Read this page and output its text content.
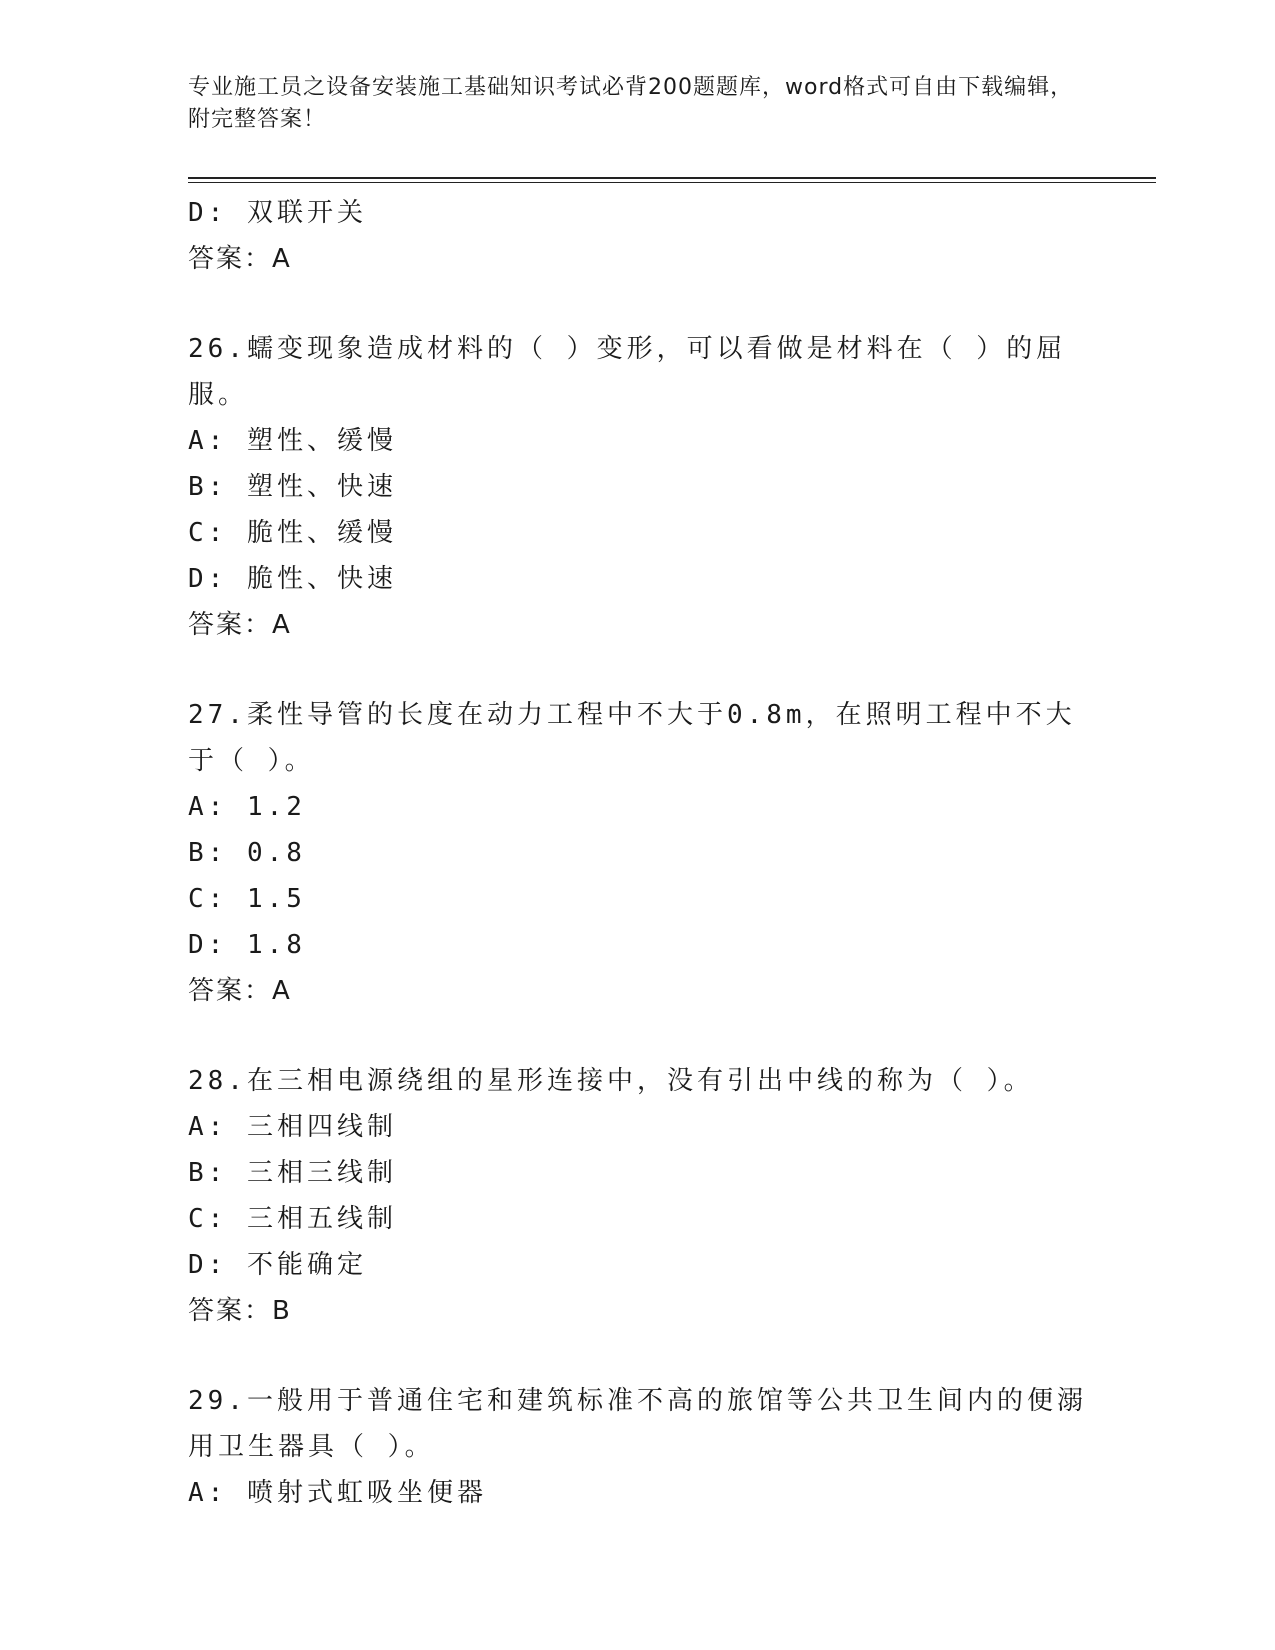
专业施工员之设备安装施工基础知识考试必背200题题库，word格式可自由下载编辑，附完整答案！
D: 双联开关
答案：A
26.蠕变现象造成材料的（ ）变形，可以看做是材料在（ ）的屈服。
A: 塑性、缓慢
B: 塑性、快速
C: 脆性、缓慢
D: 脆性、快速
答案：A
27.柔性导管的长度在动力工程中不大于0.8m，在照明工程中不大于（ ）。
A: 1.2
B: 0.8
C: 1.5
D: 1.8
答案：A
28.在三相电源绕组的星形连接中，没有引出中线的称为（ ）。
A: 三相四线制
B: 三相三线制
C: 三相五线制
D: 不能确定
答案：B
29.一般用于普通住宅和建筑标准不高的旅馆等公共卫生间内的便溺用卫生器具（ ）。
A: 喷射式虹吸坐便器
